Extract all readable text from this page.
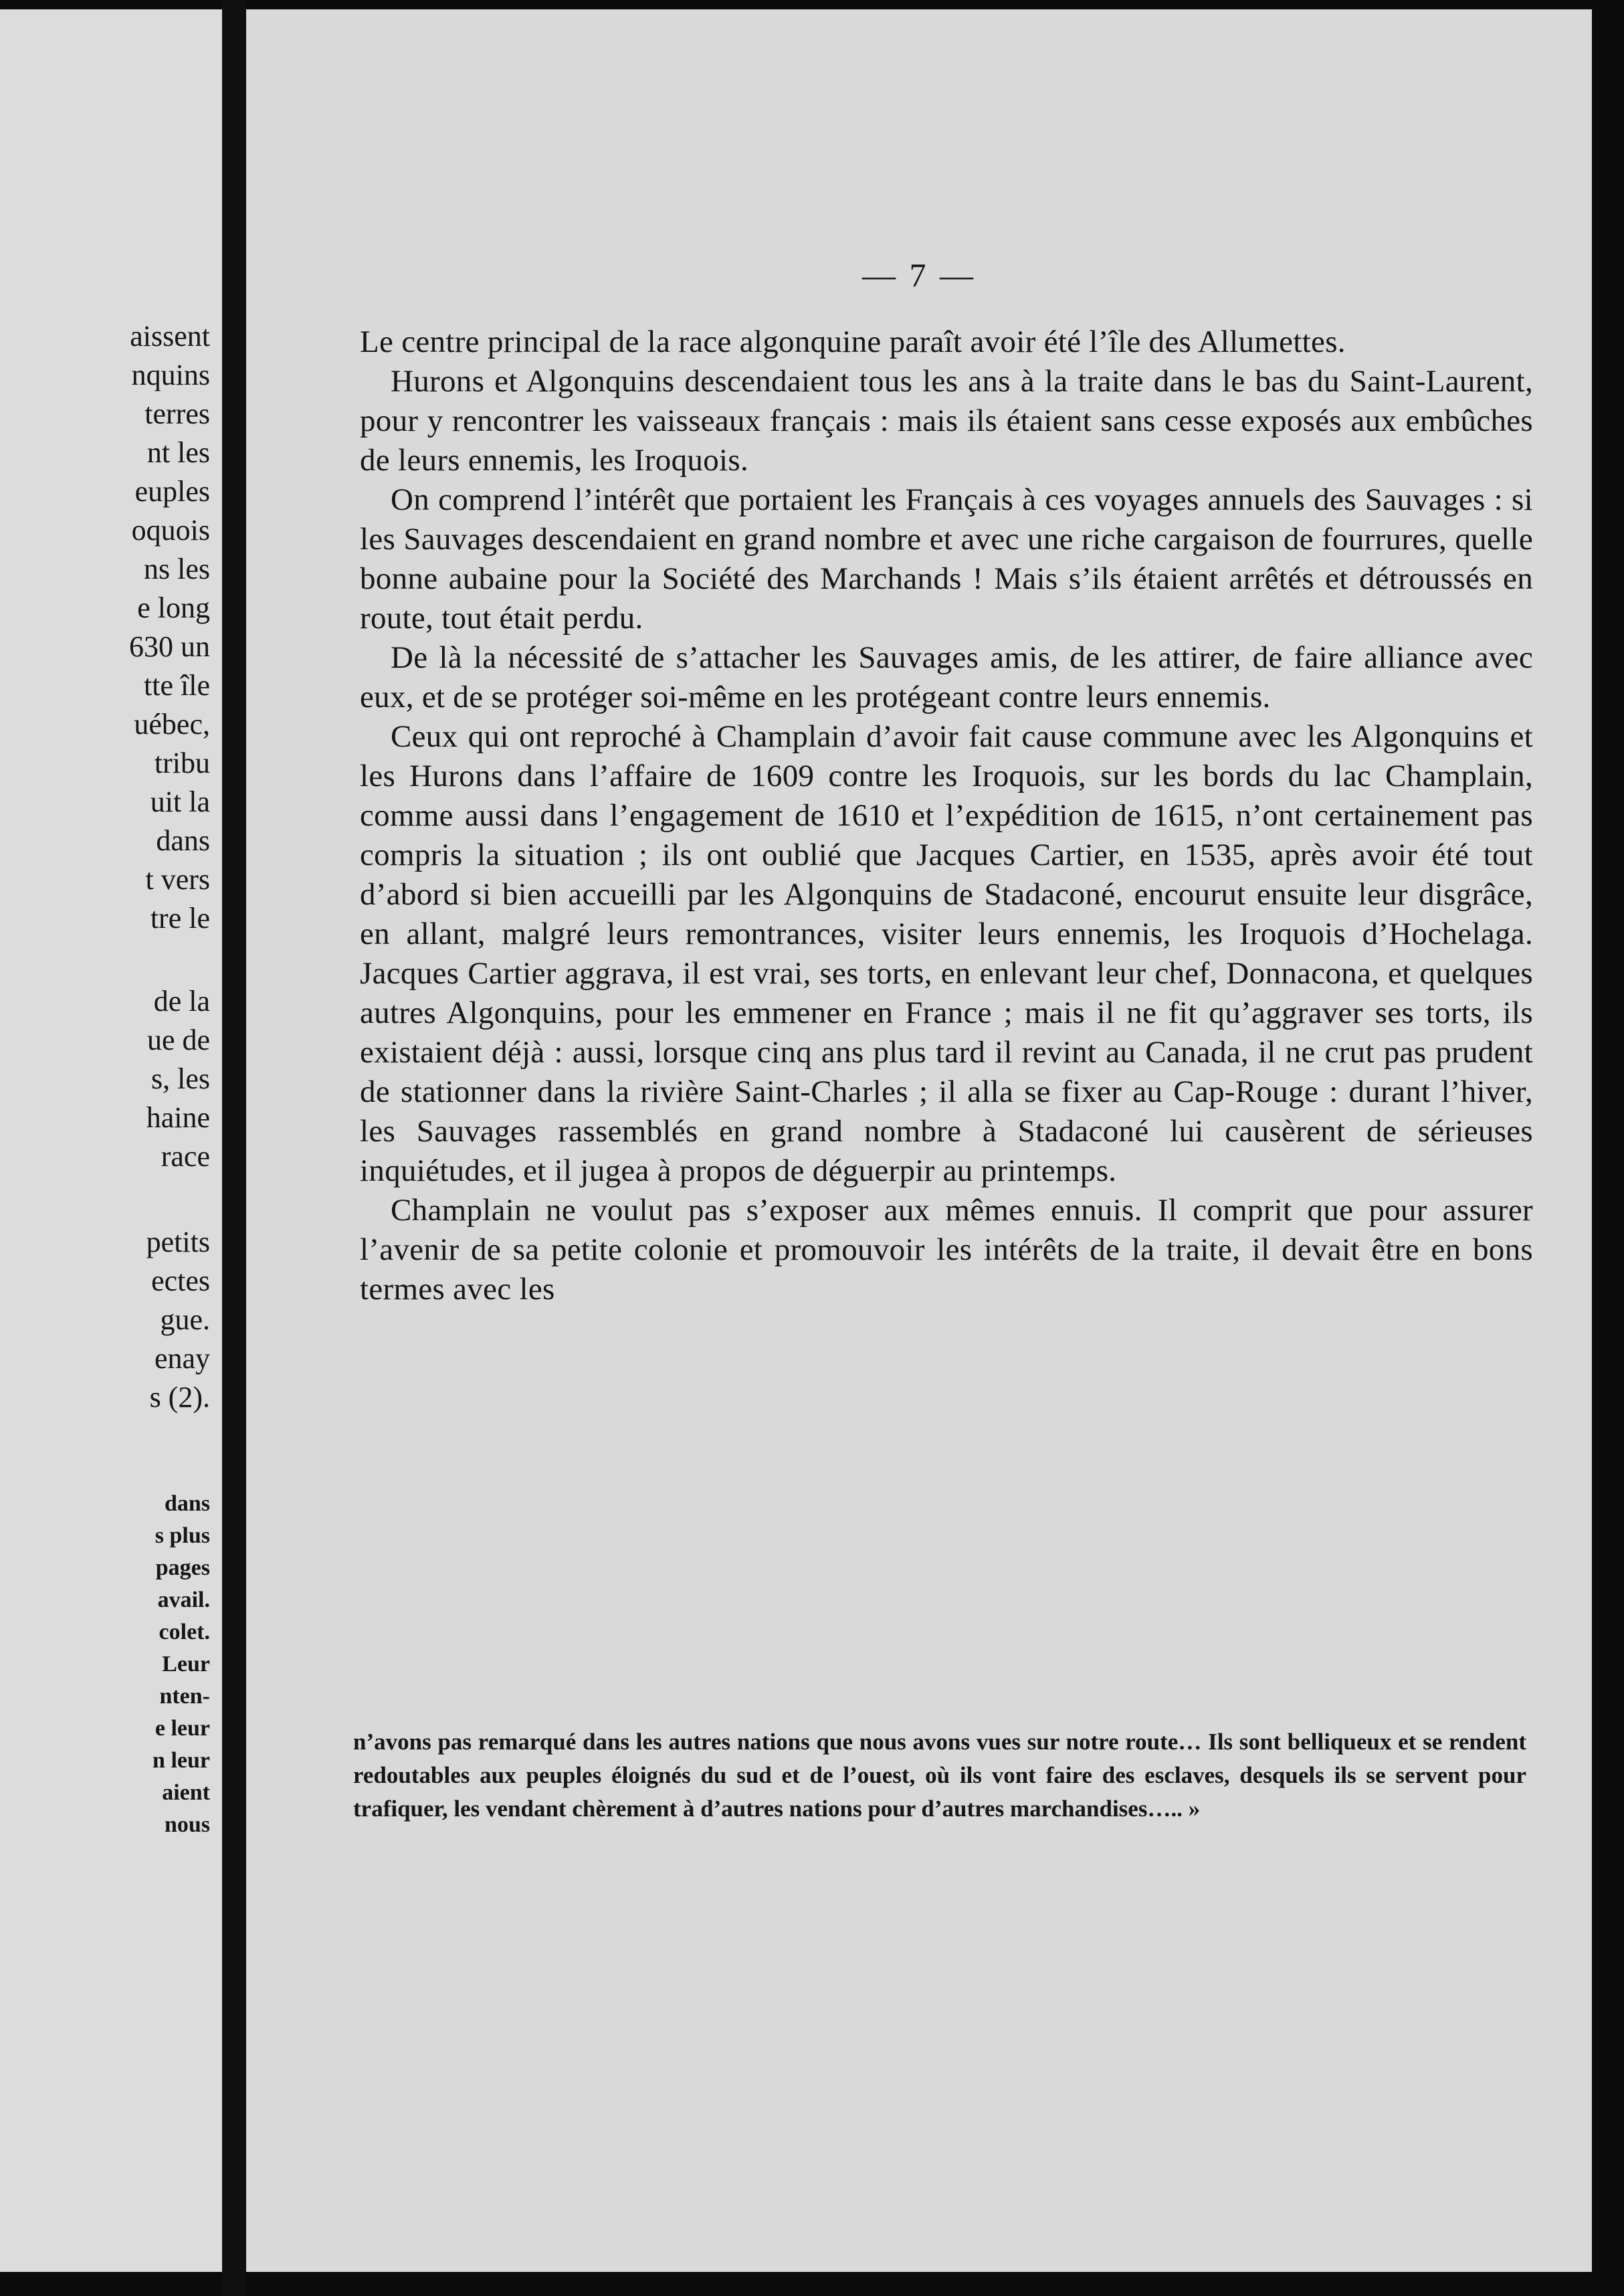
aissent
nquins
terres
nt les
euples
oquois
ns les
e long
630 un
tte île
uébec,
tribu
uit la
dans
t vers
tre le
de la
ue de
s, les
haine
race
petits
ectes
gue.
enay
s (2).
dans
s plus
pages
avail.
colet.
Leur
nten-
e leur
n leur
aient
nous
— 7 —

Le centre principal de la race algonquine paraît avoir été l’île des Allumettes.

Hurons et Algonquins descendaient tous les ans à la traite dans le bas du Saint-Laurent, pour y rencontrer les vaisseaux français : mais ils étaient sans cesse exposés aux embûches de leurs ennemis, les Iroquois.

On comprend l’intérêt que portaient les Français à ces voyages annuels des Sauvages : si les Sauvages descendaient en grand nombre et avec une riche cargaison de fourrures, quelle bonne aubaine pour la Société des Marchands ! Mais s’ils étaient arrêtés et détroussés en route, tout était perdu.

De là la nécessité de s’attacher les Sauvages amis, de les attirer, de faire alliance avec eux, et de se protéger soi-même en les protégeant contre leurs ennemis.

Ceux qui ont reproché à Champlain d’avoir fait cause commune avec les Algonquins et les Hurons dans l’affaire de 1609 contre les Iroquois, sur les bords du lac Champlain, comme aussi dans l’engagement de 1610 et l’expédition de 1615, n’ont certainement pas compris la situation ; ils ont oublié que Jacques Cartier, en 1535, après avoir été tout d’abord si bien accueilli par les Algonquins de Stadaconé, encourut ensuite leur disgrâce, en allant, malgré leurs remontrances, visiter leurs ennemis, les Iroquois d’Hochelaga. Jacques Cartier aggrava, il est vrai, ses torts, en enlevant leur chef, Donnacona, et quelques autres Algonquins, pour les emmener en France ; mais il ne fit qu’aggraver ses torts, ils existaient déjà : aussi, lorsque cinq ans plus tard il revint au Canada, il ne crut pas prudent de stationner dans la rivière Saint-Charles ; il alla se fixer au Cap-Rouge : durant l’hiver, les Sauvages rassemblés en grand nombre à Stadaconé lui causèrent de sérieuses inquiétudes, et il jugea à propos de déguerpir au printemps.

Champlain ne voulut pas s’exposer aux mêmes ennuis. Il comprit que pour assurer l’avenir de sa petite colonie et promouvoir les intérêts de la traite, il devait être en bons termes avec les

n’avons pas remarqué dans les autres nations que nous avons vues sur notre route… Ils sont belliqueux et se rendent redoutables aux peuples éloignés du sud et de l’ouest, où ils vont faire des esclaves, desquels ils se servent pour trafiquer, les vendant chèrement à d’autres nations pour d’autres marchandises….. »
